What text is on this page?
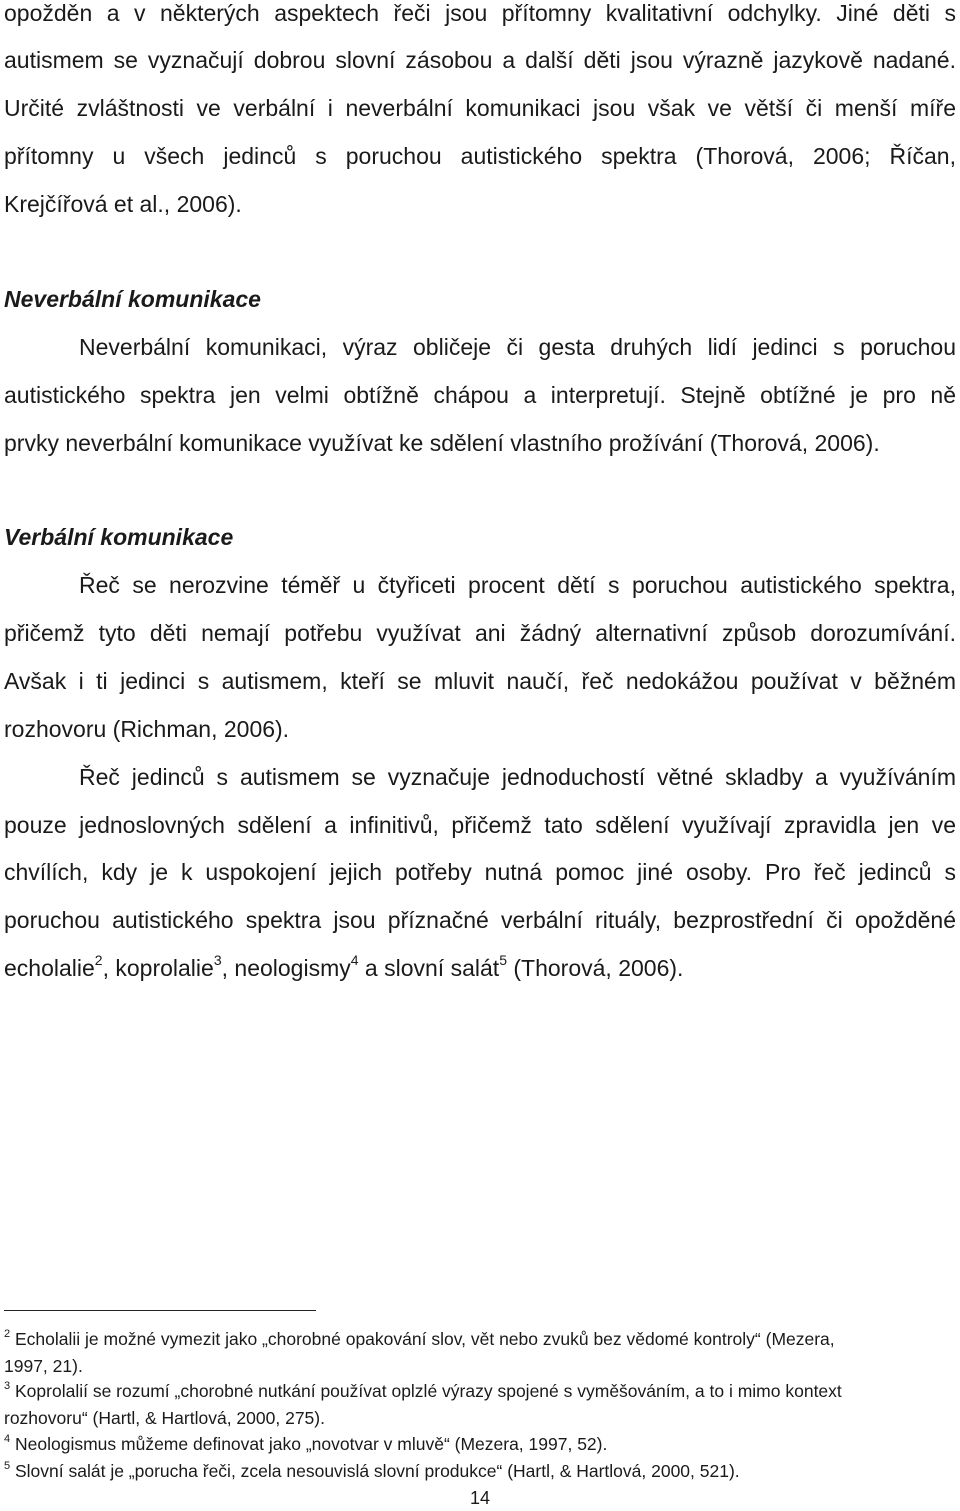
opožděn a v některých aspektech řeči jsou přítomny kvalitativní odchylky. Jiné děti s
autismem se vyznačují dobrou slovní zásobou a další děti jsou výrazně jazykově nadané.
Určité zvláštnosti ve verbální i neverbální komunikaci jsou však ve větší či menší míře
přítomny u všech jedinců s poruchou autistického spektra (Thorová, 2006; Říčan,
Krejčířová et al., 2006).
Neverbální komunikace
Neverbální komunikaci, výraz obličeje či gesta druhých lidí jedinci s poruchou
autistického spektra jen velmi obtížně chápou a interpretují. Stejně obtížné je pro ně
prvky neverbální komunikace využívat ke sdělení vlastního prožívání (Thorová, 2006).
Verbální komunikace
Řeč se nerozvine téměř u čtyřiceti procent dětí s poruchou autistického spektra,
přičemž tyto děti nemají potřebu využívat ani žádný alternativní způsob dorozumívání.
Avšak i ti jedinci s autismem, kteří se mluvit naučí, řeč nedokážou používat v běžném
rozhovoru (Richman, 2006).
Řeč jedinců s autismem se vyznačuje jednoduchostí větné skladby a využíváním
pouze jednoslovných sdělení a infinitivů, přičemž tato sdělení využívají zpravidla jen ve
chvílích, kdy je k uspokojení jejich potřeby nutná pomoc jiné osoby. Pro řeč jedinců s
poruchou autistického spektra jsou příznačné verbální rituály, bezprostřední či opožděné
echolalie$^2$, koprolalie$^3$, neologismy$^4$ a slovní salát$^5$ (Thorová, 2006).
$^2$ Echolalii je možné vymezit jako „chorobné opakování slov, vět nebo zvuků bez vědomé kontroly“ (Mezera,
1997, 21).
$^3$ Koprolalií se rozumí „chorobné nutkání používat oplzlé výrazy spojené s vyměšováním, a to i mimo kontext
rozhovoru“ (Hartl, & Hartlová, 2000, 275).
$^4$ Neologismus můžeme definovat jako „novotvar v mluvě“ (Mezera, 1997, 52).
$^5$ Slovní salát je „porucha řeči, zcela nesouvislá slovní produkce“ (Hartl, & Hartlová, 2000, 521).
14
